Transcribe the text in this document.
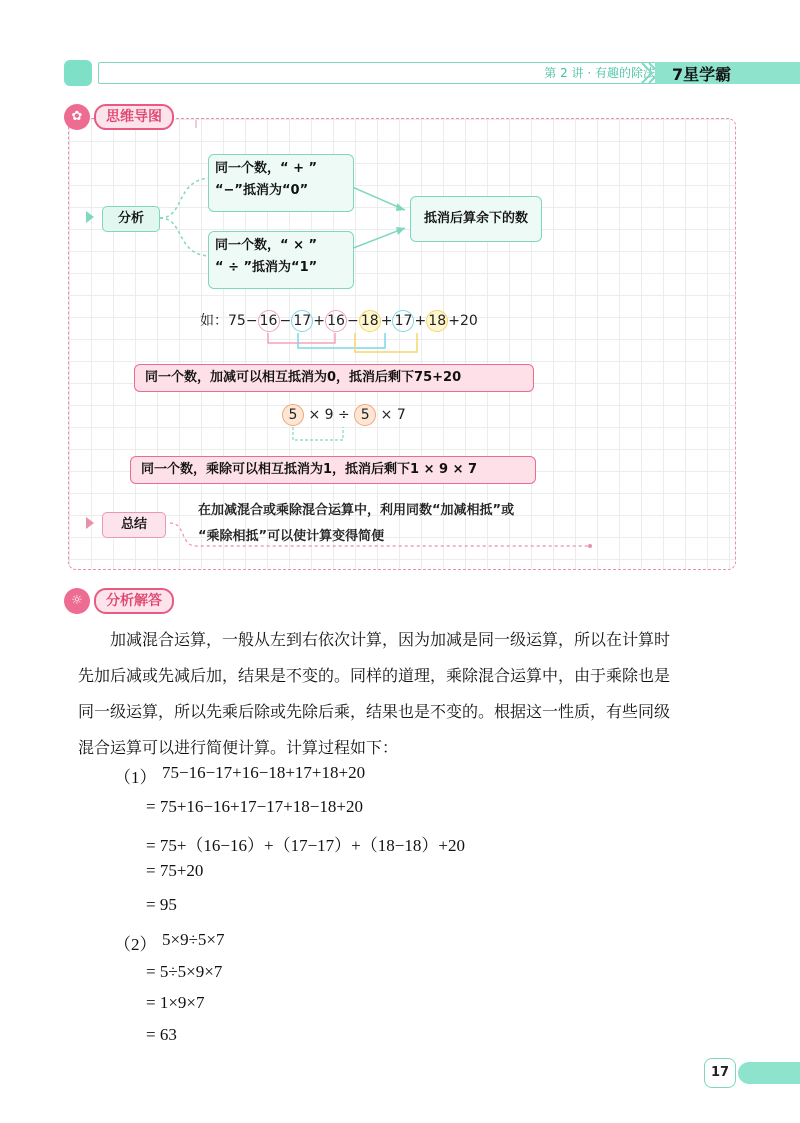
第 2 讲 · 有趣的除法 7星学霸
✿	思维导图
分析
同一个数，“ + ”
“−”抵消为“0”
同一个数，“ × ”
“ ÷ ”抵消为“1”
抵消后算余下的数
如：75− 16 − 17 + 16 − 18 + 17 + 18 +20
同一个数，加减可以相互抵消为0，抵消后剩下75+20
5 × 9 ÷ 5 × 7
同一个数，乘除可以相互抵消为1，抵消后剩下1 × 9 × 7
总结
在加减混合或乘除混合运算中，利用同数“加减相抵”或
“乘除相抵”可以使计算变得简便
☼	分析解答
加减混合运算，一般从左到右依次计算，因为加减是同一级运算，所以在计算时
先加后减或先减后加，结果是不变的。同样的道理，乘除混合运算中，由于乘除也是
同一级运算，所以先乘后除或先除后乘，结果也是不变的。根据这一性质，有些同级
混合运算可以进行简便计算。计算过程如下：
（1） 75−16−17+16−18+17+18+20
= 75+16−16+17−17+18−18+20
= 75+（16−16）+（17−17）+（18−18）+20
= 75+20
= 95
（2） 5×9÷5×7
= 5÷5×9×7
= 1×9×7
= 63
17
